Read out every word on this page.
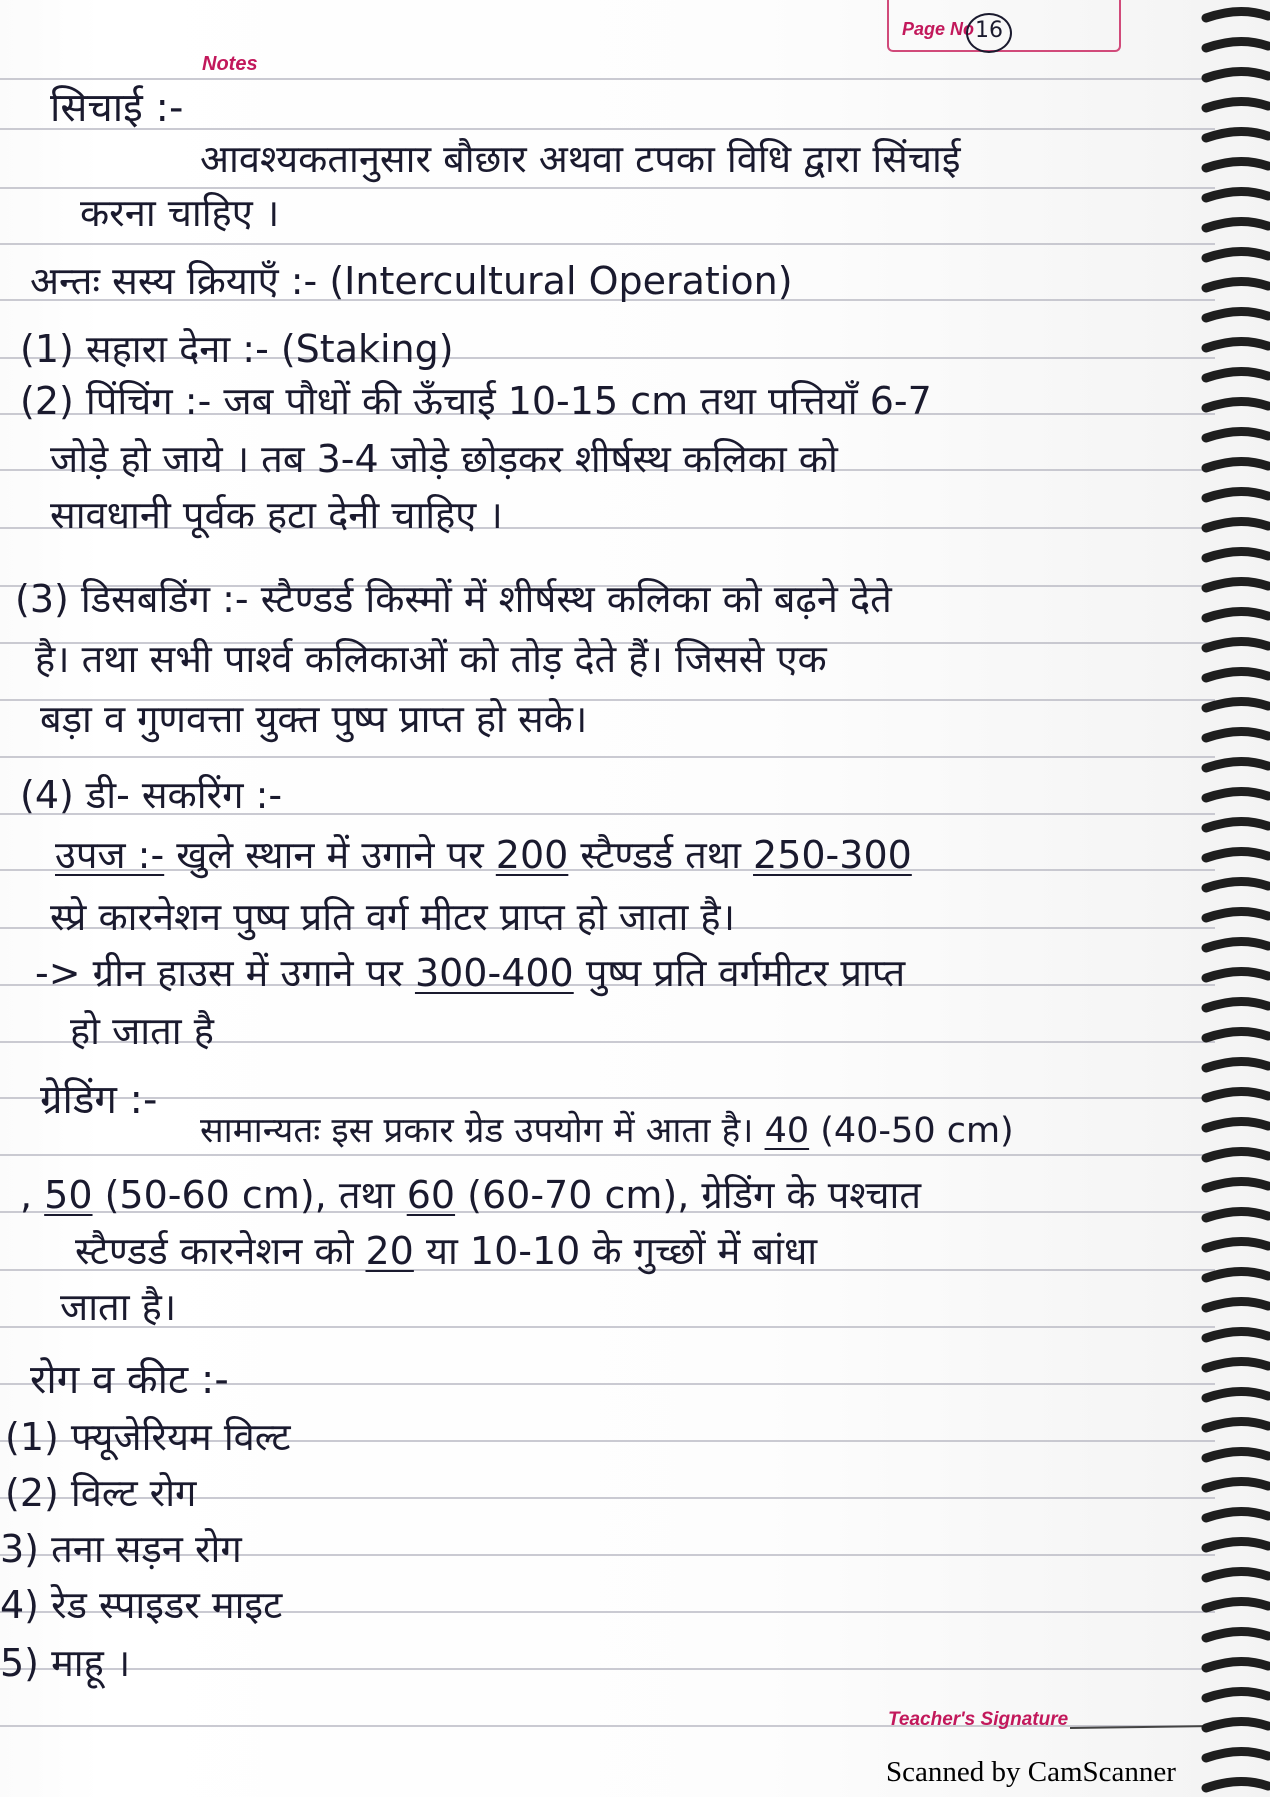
Page No 16
Notes
सिचाई :-
आवश्यकतानुसार बौछार अथवा टपका विधि द्वारा सिंचाई
करना चाहिए ।
अन्तः सस्य क्रियाएँ :- (Intercultural Operation)
(1) सहारा देना :- (Staking)
(2) पिंचिंग :- जब पौधों की ऊँचाई 10-15 cm तथा पत्तियाँ 6-7
जोड़े हो जाये । तब 3-4 जोड़े छोड़कर शीर्षस्थ कलिका को
सावधानी पूर्वक हटा देनी चाहिए ।
(3) डिसबडिंग :- स्टैण्डर्ड किस्मों में शीर्षस्थ कलिका को बढ़ने देते
है। तथा सभी पार्श्व कलिकाओं को तोड़ देते हैं। जिससे एक
बड़ा व गुणवत्ता युक्त पुष्प प्राप्त हो सके।
(4) डी- सकरिंग :-
उपज :- खुले स्थान में उगाने पर 200 स्टैण्डर्ड तथा 250-300
स्प्रे कारनेशन पुष्प प्रति वर्ग मीटर प्राप्त हो जाता है।
-> ग्रीन हाउस में उगाने पर 300-400 पुष्प प्रति वर्गमीटर प्राप्त
हो जाता है
ग्रेडिंग :-
सामान्यतः इस प्रकार ग्रेड उपयोग में आता है। 40 (40-50 cm)
, 50 (50-60 cm), तथा 60 (60-70 cm), ग्रेडिंग के पश्चात
स्टैण्डर्ड कारनेशन को 20 या 10-10 के गुच्छों में बांधा
जाता है।
रोग व कीट :-
(1) फ्यूजेरियम विल्ट
(2) विल्ट रोग
3) तना सड़न रोग
4) रेड स्पाइडर माइट
5) माहू ।
Teacher's Signature
Scanned by CamScanner
